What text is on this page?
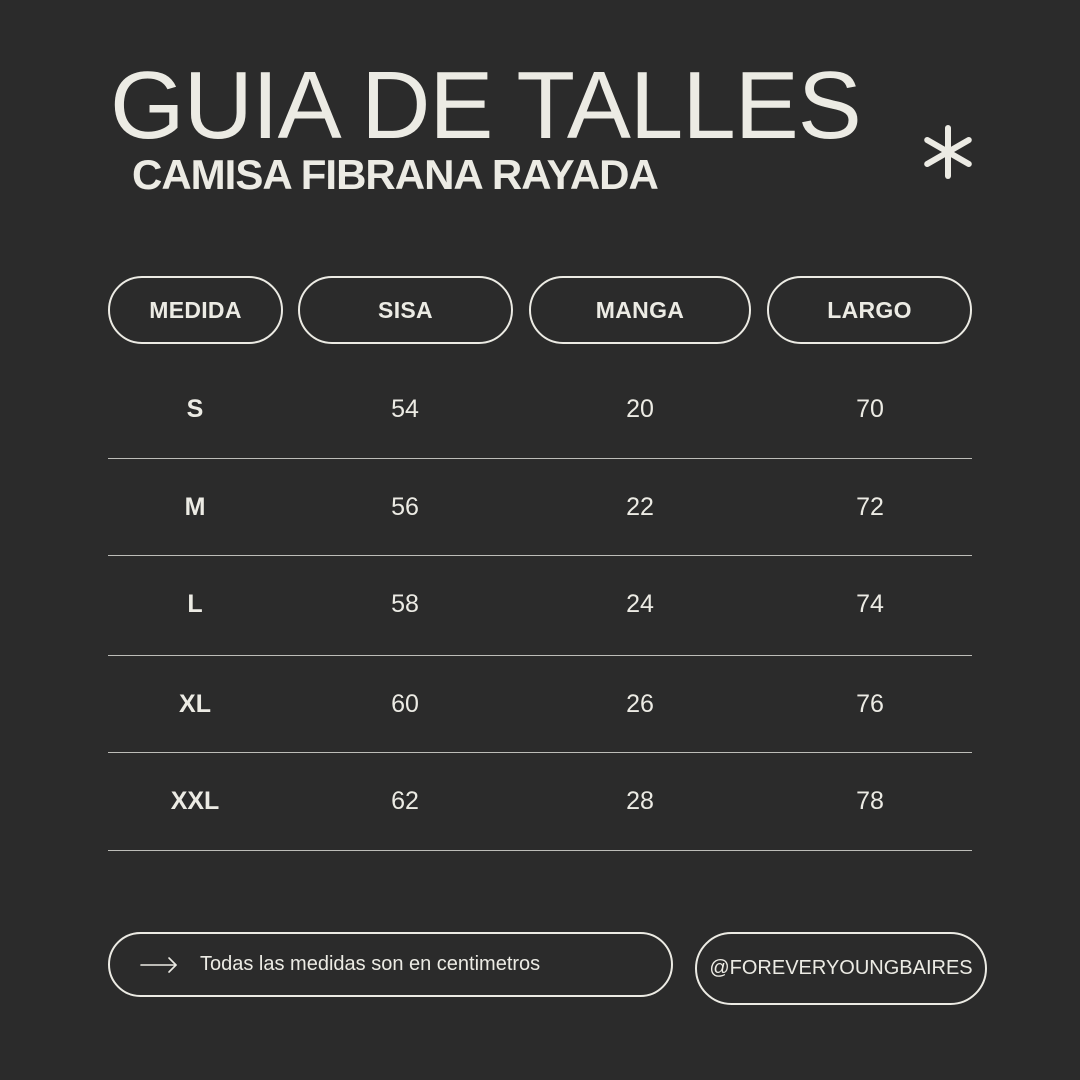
GUIA DE TALLES
CAMISA FIBRANA RAYADA
MEDIDA	SISA	MANGA	LARGO
S	54	20	70
M	56	22	72
L	58	24	74
XL	60	26	76
XXL	62	28	78
Todas las medidas son en centimetros	@FOREVERYOUNGBAIRES
